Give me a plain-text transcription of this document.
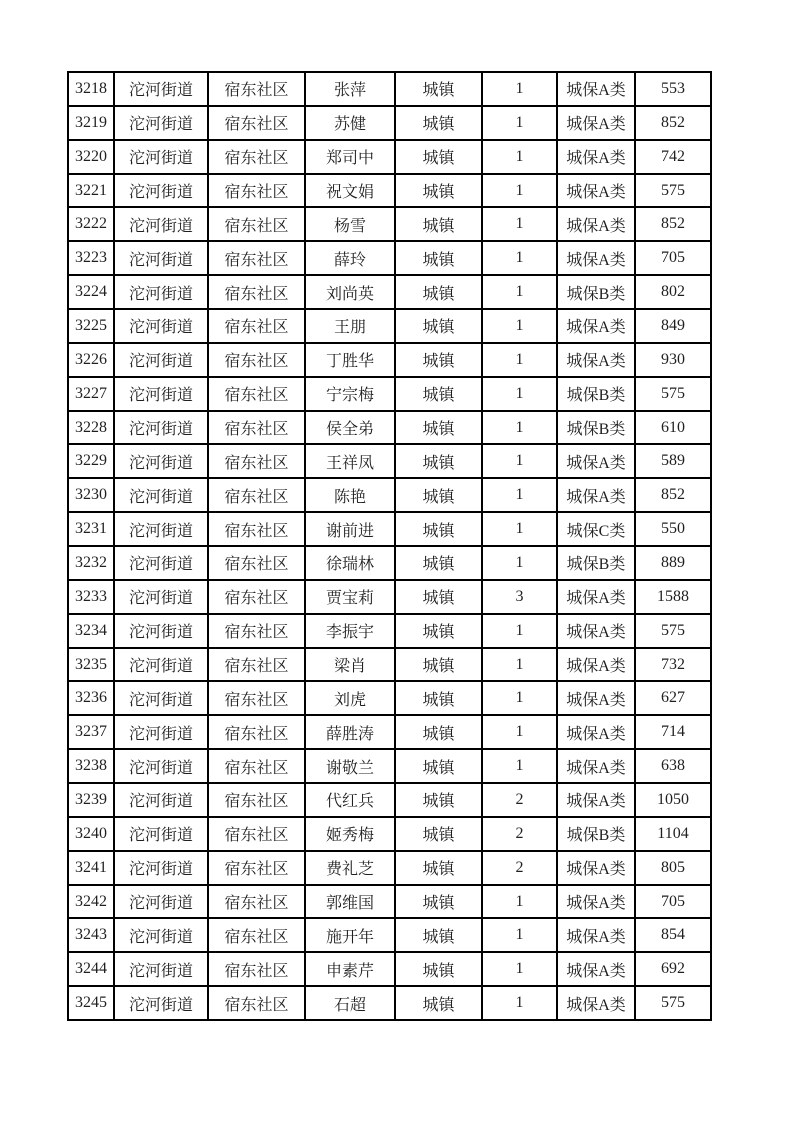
3218	沱河街道	宿东社区	张萍	城镇	1	城保A类	553
3219	沱河街道	宿东社区	苏健	城镇	1	城保A类	852
3220	沱河街道	宿东社区	郑司中	城镇	1	城保A类	742
3221	沱河街道	宿东社区	祝文娟	城镇	1	城保A类	575
3222	沱河街道	宿东社区	杨雪	城镇	1	城保A类	852
3223	沱河街道	宿东社区	薛玲	城镇	1	城保A类	705
3224	沱河街道	宿东社区	刘尚英	城镇	1	城保B类	802
3225	沱河街道	宿东社区	王朋	城镇	1	城保A类	849
3226	沱河街道	宿东社区	丁胜华	城镇	1	城保A类	930
3227	沱河街道	宿东社区	宁宗梅	城镇	1	城保B类	575
3228	沱河街道	宿东社区	侯全弟	城镇	1	城保B类	610
3229	沱河街道	宿东社区	王祥凤	城镇	1	城保A类	589
3230	沱河街道	宿东社区	陈艳	城镇	1	城保A类	852
3231	沱河街道	宿东社区	谢前进	城镇	1	城保C类	550
3232	沱河街道	宿东社区	徐瑞林	城镇	1	城保B类	889
3233	沱河街道	宿东社区	贾宝莉	城镇	3	城保A类	1588
3234	沱河街道	宿东社区	李振宇	城镇	1	城保A类	575
3235	沱河街道	宿东社区	梁肖	城镇	1	城保A类	732
3236	沱河街道	宿东社区	刘虎	城镇	1	城保A类	627
3237	沱河街道	宿东社区	薛胜涛	城镇	1	城保A类	714
3238	沱河街道	宿东社区	谢敬兰	城镇	1	城保A类	638
3239	沱河街道	宿东社区	代红兵	城镇	2	城保A类	1050
3240	沱河街道	宿东社区	姬秀梅	城镇	2	城保B类	1104
3241	沱河街道	宿东社区	费礼芝	城镇	2	城保A类	805
3242	沱河街道	宿东社区	郭维国	城镇	1	城保A类	705
3243	沱河街道	宿东社区	施开年	城镇	1	城保A类	854
3244	沱河街道	宿东社区	申素芹	城镇	1	城保A类	692
3245	沱河街道	宿东社区	石超	城镇	1	城保A类	575
